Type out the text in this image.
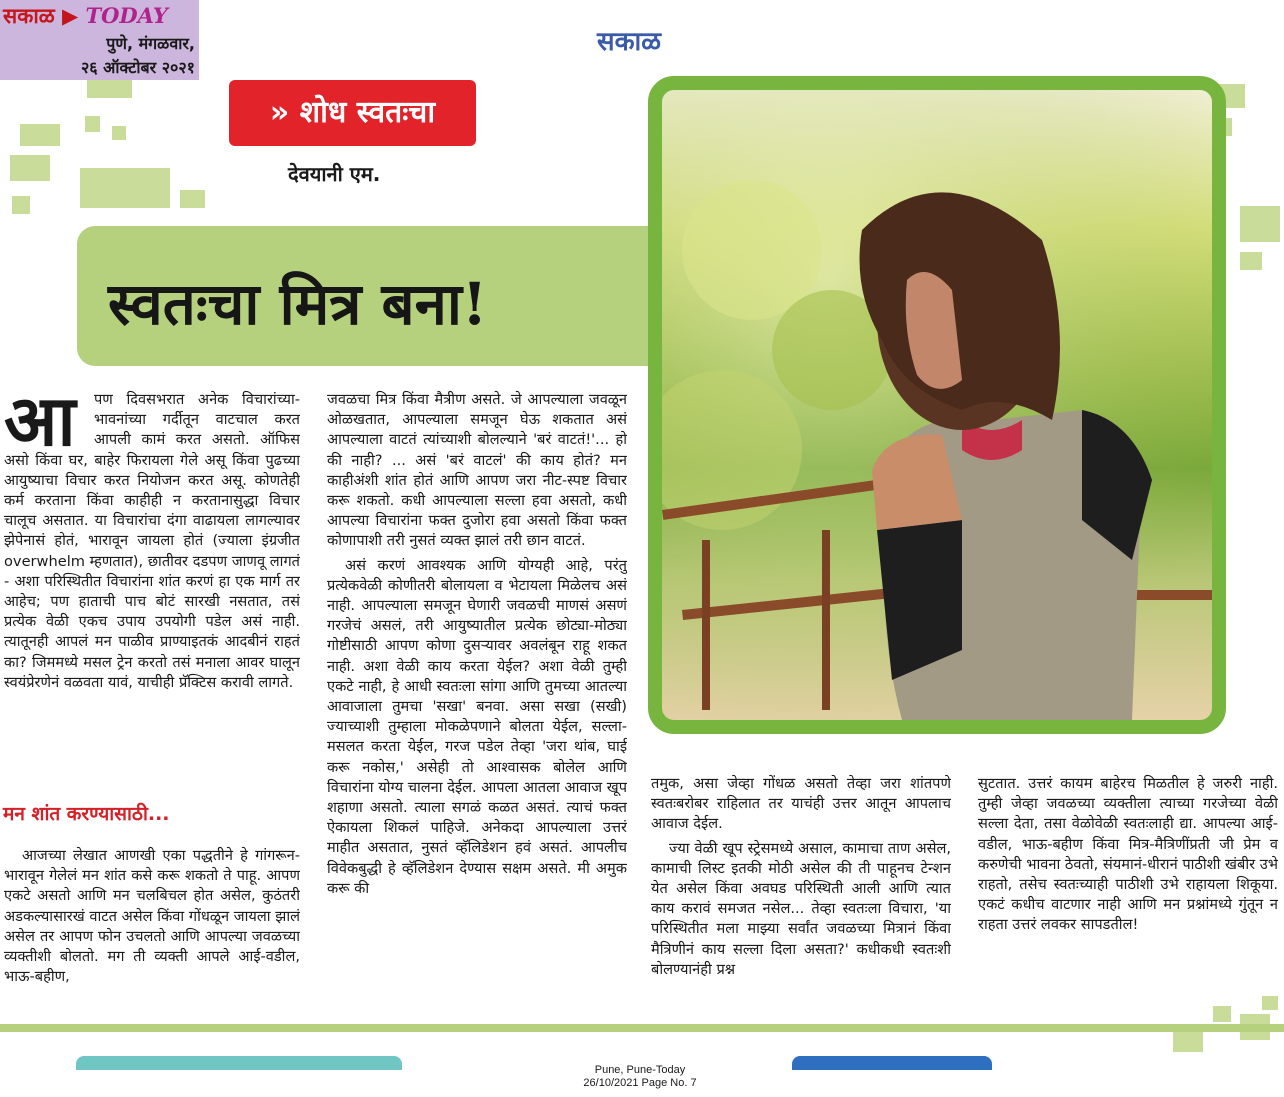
सकाळ ▶ TODAY
पुणे, मंगळवार,
२६ ऑक्टोबर २०२१
सकाळ
» शोध स्वतःचा
देवयानी एम.
स्वतःचा मित्र बना!
आ	पण दिवसभरात अनेक विचारांच्या-भावनांच्या गर्दीतून वाटचाल करत आपली कामं करत असतो. ऑफिस असो किंवा घर, बाहेर फिरायला गेले असू किंवा पुढच्या आयुष्याचा विचार करत नियोजन करत असू. कोणतेही कर्म करताना किंवा काहीही न करतानासुद्धा विचार चालूच असतात. या विचारांचा दंगा वाढायला लागल्यावर झेपेनासं होतं, भारावून जायला होतं (ज्याला इंग्रजीत overwhelm म्हणतात), छातीवर दडपण जाणवू लागतं - अशा परिस्थितीत विचारांना शांत करणं हा एक मार्ग तर आहेच; पण हाताची पाच बोटं सारखी नसतात, तसं प्रत्येक वेळी एकच उपाय उपयोगी पडेल असं नाही. त्यातूनही आपलं मन पाळीव प्राण्याइतकं आदबीनं राहतं का? जिममध्ये मसल ट्रेन करतो तसं मनाला आवर घालून स्वयंप्रेरणेनं वळवता यावं, याचीही प्रॅक्टिस करावी लागते.

मन शांत करण्यासाठी...

आजच्या लेखात आणखी एका पद्धतीने हे गांगरून-भारावून गेलेलं मन शांत कसे करू शकतो ते पाहू. आपण एकटे असतो आणि मन चलबिचल होत असेल, कुठंतरी अडकल्यासारखं वाटत असेल किंवा गोंधळून जायला झालं असेल तर आपण फोन उचलतो आणि आपल्या जवळच्या व्यक्तीशी बोलतो. मग ती व्यक्ती आपले आई-वडील, भाऊ-बहीण,

जवळचा मित्र किंवा मैत्रीण असते. जे आपल्याला जवळून ओळखतात, आपल्याला समजून घेऊ शकतात असं आपल्याला वाटतं त्यांच्याशी बोलल्याने 'बरं वाटतं!'... हो की नाही? ... असं 'बरं वाटलं' की काय होतं? मन काहीअंशी शांत होतं आणि आपण जरा नीट-स्पष्ट विचार करू शकतो. कधी आपल्याला सल्ला हवा असतो, कधी आपल्या विचारांना फक्त दुजोरा हवा असतो किंवा फक्त कोणापाशी तरी नुसतं व्यक्त झालं तरी छान वाटतं.

असं करणं आवश्यक आणि योग्यही आहे, परंतु प्रत्येकवेळी कोणीतरी बोलायला व भेटायला मिळेलच असं नाही. आपल्याला समजून घेणारी जवळची माणसं असणं गरजेचं असलं, तरी आयुष्यातील प्रत्येक छोट्या-मोठ्या गोष्टीसाठी आपण कोणा दुसऱ्यावर अवलंबून राहू शकत नाही. अशा वेळी काय करता येईल? अशा वेळी तुम्ही एकटे नाही, हे आधी स्वतःला सांगा आणि तुमच्या आतल्या आवाजाला तुमचा 'सखा' बनवा. असा सखा (सखी) ज्याच्याशी तुम्हाला मोकळेपणाने बोलता येईल, सल्ला-मसलत करता येईल, गरज पडेल तेव्हा 'जरा थांब, घाई करू नकोस,' असेही तो आश्वासक बोलेल आणि विचारांना योग्य चालना देईल. आपला आतला आवाज खूप शहाणा असतो. त्याला सगळं कळत असतं. त्याचं फक्त ऐकायला शिकलं पाहिजे. अनेकदा आपल्याला उत्तरं माहीत असतात, नुसतं व्हॅलिडेशन हवं असतं. आपलीच विवेकबुद्धी हे व्हॅलिडेशन देण्यास सक्षम असते. मी अमुक करू की

तमुक, असा जेव्हा गोंधळ असतो तेव्हा जरा शांतपणे स्वतःबरोबर राहिलात तर याचंही उत्तर आतून आपलाच आवाज देईल.

ज्या वेळी खूप स्ट्रेसमध्ये असाल, कामाचा ताण असेल, कामाची लिस्ट इतकी मोठी असेल की ती पाहूनच टेन्शन येत असेल किंवा अवघड परिस्थिती आली आणि त्यात काय करावं समजत नसेल... तेव्हा स्वतःला विचारा, 'या परिस्थितीत मला माझ्या सर्वांत जवळच्या मित्रानं किंवा मैत्रिणीनं काय सल्ला दिला असता?' कधीकधी स्वतःशी बोलण्यानंही प्रश्न

सुटतात. उत्तरं कायम बाहेरच मिळतील हे जरुरी नाही. तुम्ही जेव्हा जवळच्या व्यक्तीला त्याच्या गरजेच्या वेळी सल्ला देता, तसा वेळोवेळी स्वतःलाही द्या. आपल्या आई-वडील, भाऊ-बहीण किंवा मित्र-मैत्रिणींप्रती जी प्रेम व करुणेची भावना ठेवतो, संयमानं-धीरानं पाठीशी खंबीर उभे राहतो, तसेच स्वतःच्याही पाठीशी उभे राहायला शिकूया. एकटं कधीच वाटणार नाही आणि मन प्रश्नांमध्ये गुंतून न राहता उत्तरं लवकर सापडतील!

Pune, Pune-Today
26/10/2021 Page No. 7
